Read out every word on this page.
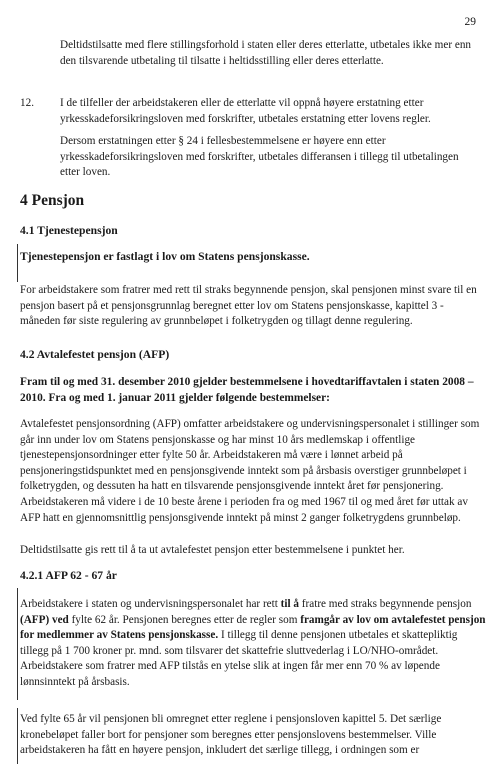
29

Deltidstilsatte med flere stillingsforhold i staten eller deres etterlatte, utbetales ikke mer enn den tilsvarende utbetaling til tilsatte i heltidsstilling eller deres etterlatte.

12. I de tilfeller der arbeidstakeren eller de etterlatte vil oppnå høyere erstatning etter yrkesskadeforsikringsloven med forskrifter, utbetales erstatning etter lovens regler.

Dersom erstatningen etter § 24 i fellesbestemmelsene er høyere enn etter yrkesskadeforsikringsloven med forskrifter, utbetales differansen i tillegg til utbetalingen etter loven.

4 Pensjon
4.1 Tjenestepensjon
Tjenestepensjon er fastlagt i lov om Statens pensjonskasse.

For arbeidstakere som fratrer med rett til straks begynnende pensjon, skal pensjonen minst svare til en pensjon basert på et pensjonsgrunnlag beregnet etter lov om Statens pensjonskasse, kapittel 3 - måneden før siste regulering av grunnbeløpet i folketrygden og tillagt denne regulering.

4.2 Avtalefestet pensjon (AFP)

Fram til og med 31. desember 2010 gjelder bestemmelsene i hovedtariffavtalen i staten 2008 – 2010. Fra og med 1. januar 2011 gjelder følgende bestemmelser:

Avtalefestet pensjonsordning (AFP) omfatter arbeidstakere og undervisningspersonalet i stillinger som går inn under lov om Statens pensjonskasse og har minst 10 års medlemskap i offentlige tjenestepensjonsordninger etter fylte 50 år. Arbeidstakeren må være i lønnet arbeid på pensjoneringstidspunktet med en pensjonsgivende inntekt som på årsbasis overstiger grunnbeløpet i folketrygden, og dessuten ha hatt en tilsvarende pensjonsgivende inntekt året før pensjonering. Arbeidstakeren må videre i de 10 beste årene i perioden fra og med 1967 til og med året før uttak av AFP hatt en gjennomsnittlig pensjonsgivende inntekt på minst 2 ganger folketrygdens grunnbeløp.

Deltidstilsatte gis rett til å ta ut avtalefestet pensjon etter bestemmelsene i punktet her.

4.2.1 AFP 62 - 67 år

Arbeidstakere i staten og undervisningspersonalet har rett til å fratre med straks begynnende pensjon (AFP) ved fylte 62 år. Pensjonen beregnes etter de regler som framgår av lov om avtalefestet pensjon for medlemmer av Statens pensjonskasse. I tillegg til denne pensjonen utbetales et skattepliktig tillegg på 1 700 kroner pr. mnd. som tilsvarer det skattefrie sluttvederlag i LO/NHO-området. Arbeidstakere som fratrer med AFP tilstås en ytelse slik at ingen får mer enn 70 % av løpende lønnsinntekt på årsbasis.

Ved fylte 65 år vil pensjonen bli omregnet etter reglene i pensjonsloven kapittel 5. Det særlige kronebeløpet faller bort for pensjoner som beregnes etter pensjonslovens bestemmelser. Ville arbeidstakeren ha fått en høyere pensjon, inkludert det særlige tillegg, i ordningen som er
